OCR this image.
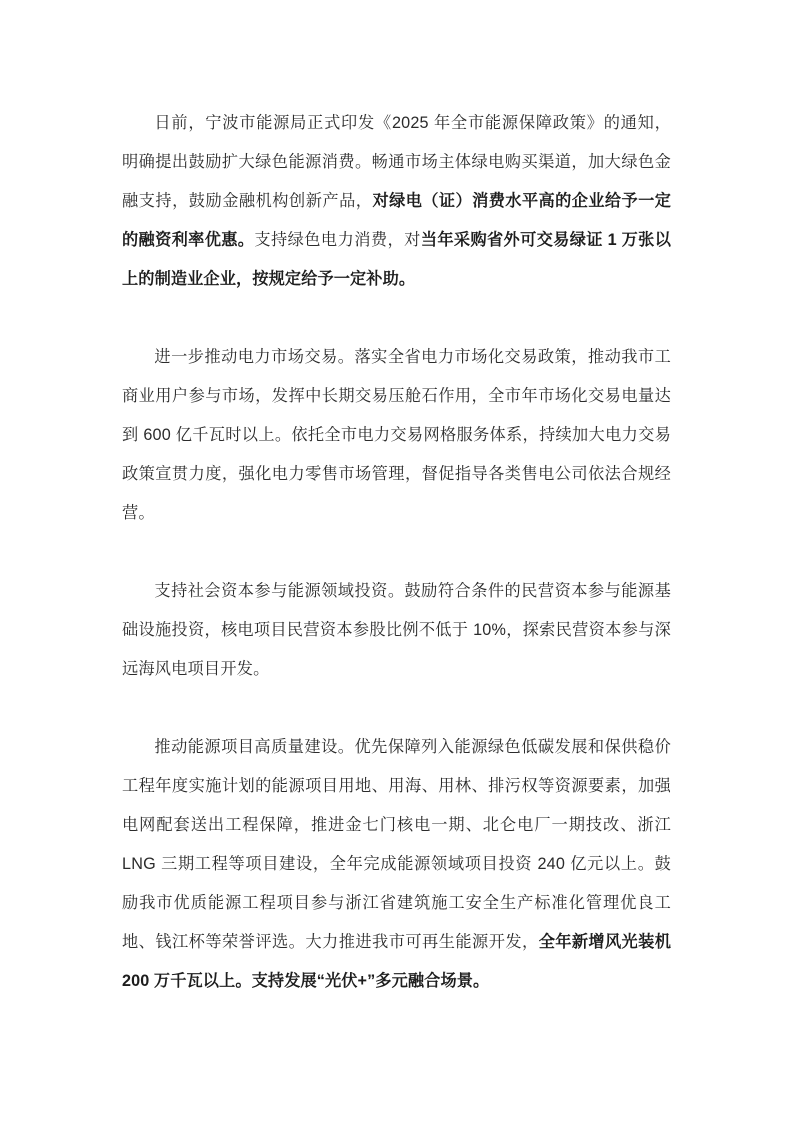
日前，宁波市能源局正式印发《2025 年全市能源保障政策》的通知，明确提出鼓励扩大绿色能源消费。畅通市场主体绿电购买渠道，加大绿色金融支持，鼓励金融机构创新产品，对绿电（证）消费水平高的企业给予一定的融资利率优惠。支持绿色电力消费，对当年采购省外可交易绿证 1 万张以上的制造业企业，按规定给予一定补助。

进一步推动电力市场交易。落实全省电力市场化交易政策，推动我市工商业用户参与市场，发挥中长期交易压舱石作用，全市年市场化交易电量达到 600 亿千瓦时以上。依托全市电力交易网格服务体系，持续加大电力交易政策宣贯力度，强化电力零售市场管理，督促指导各类售电公司依法合规经营。

支持社会资本参与能源领域投资。鼓励符合条件的民营资本参与能源基础设施投资，核电项目民营资本参股比例不低于 10%，探索民营资本参与深远海风电项目开发。

推动能源项目高质量建设。优先保障列入能源绿色低碳发展和保供稳价工程年度实施计划的能源项目用地、用海、用林、排污权等资源要素，加强电网配套送出工程保障，推进金七门核电一期、北仑电厂一期技改、浙江 LNG 三期工程等项目建设，全年完成能源领域项目投资 240 亿元以上。鼓励我市优质能源工程项目参与浙江省建筑施工安全生产标准化管理优良工地、钱江杯等荣誉评选。大力推进我市可再生能源开发，全年新增风光装机 200 万千瓦以上。支持发展“光伏+”多元融合场景。
